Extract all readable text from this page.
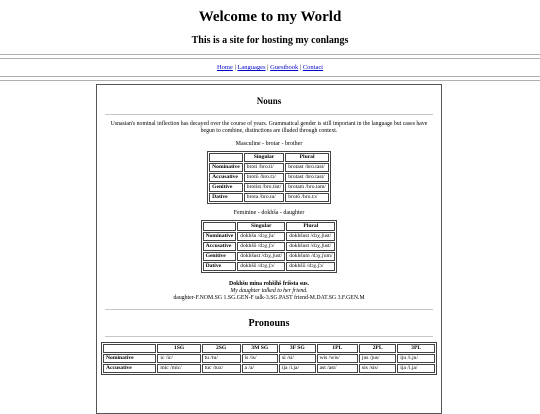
Welcome to my World
This is a site for hosting my conlangs
Home | Languages | Guestbook | Contact
Nouns
Usnasian's nominal inflection has decayed over the course of years. Grammatical gender is still important in the language but cases have begun to combine, distinctions are illuded through context.
Masculine - brotar - brother
	Singular	Plural
Nominative	broti /bro.ti/	brotast /bro.tast/
Accusative	brotō /bro.tɔ/	brotast /bro.tast/
Genitive	brotist /bro.tist/	brotam /bro.tam/
Dative	brota /bro.ta/	brotō /bro.tɔ/
Feminine - dokhša - daughter
	Singular	Plural
Nominative	dokhšu /dɔχ.ʃu/	dokhšust /dɔχ.ʃust/
Accusative	dokhšō /dɔχ.ʃɔ/	dokhšust /dɔχ.ʃust/
Genitive	dokhšust /dɔχ.ʃust/	dokhšum /dɔχ.ʃum/
Dative	dokhšō /dɔχ.ʃɔ/	dokhšō /dɔχ.ʃɔ/
Dokhšu mina rohšihš frišsta sus.
My daughter talked to her friend.
daughter-F.NOM.SG 1.SG.GEN-F talk-3.SG.PAST friend-M.DAT.SG 3.F.GEN.M
Pronouns
	1SG	2SG	3M SG	3F SG	1PL	2PL	3PL
Nominative	ic /ic/	tu /tu/	is /is/	si /si/	wis /wis/	jus /jus/	iju /i.ju/
Accusative	mic /mic/	tuc /tux/	a /a/	ija /i.ja/	ast /ast/	sis /sis/	ija /i.ja/
